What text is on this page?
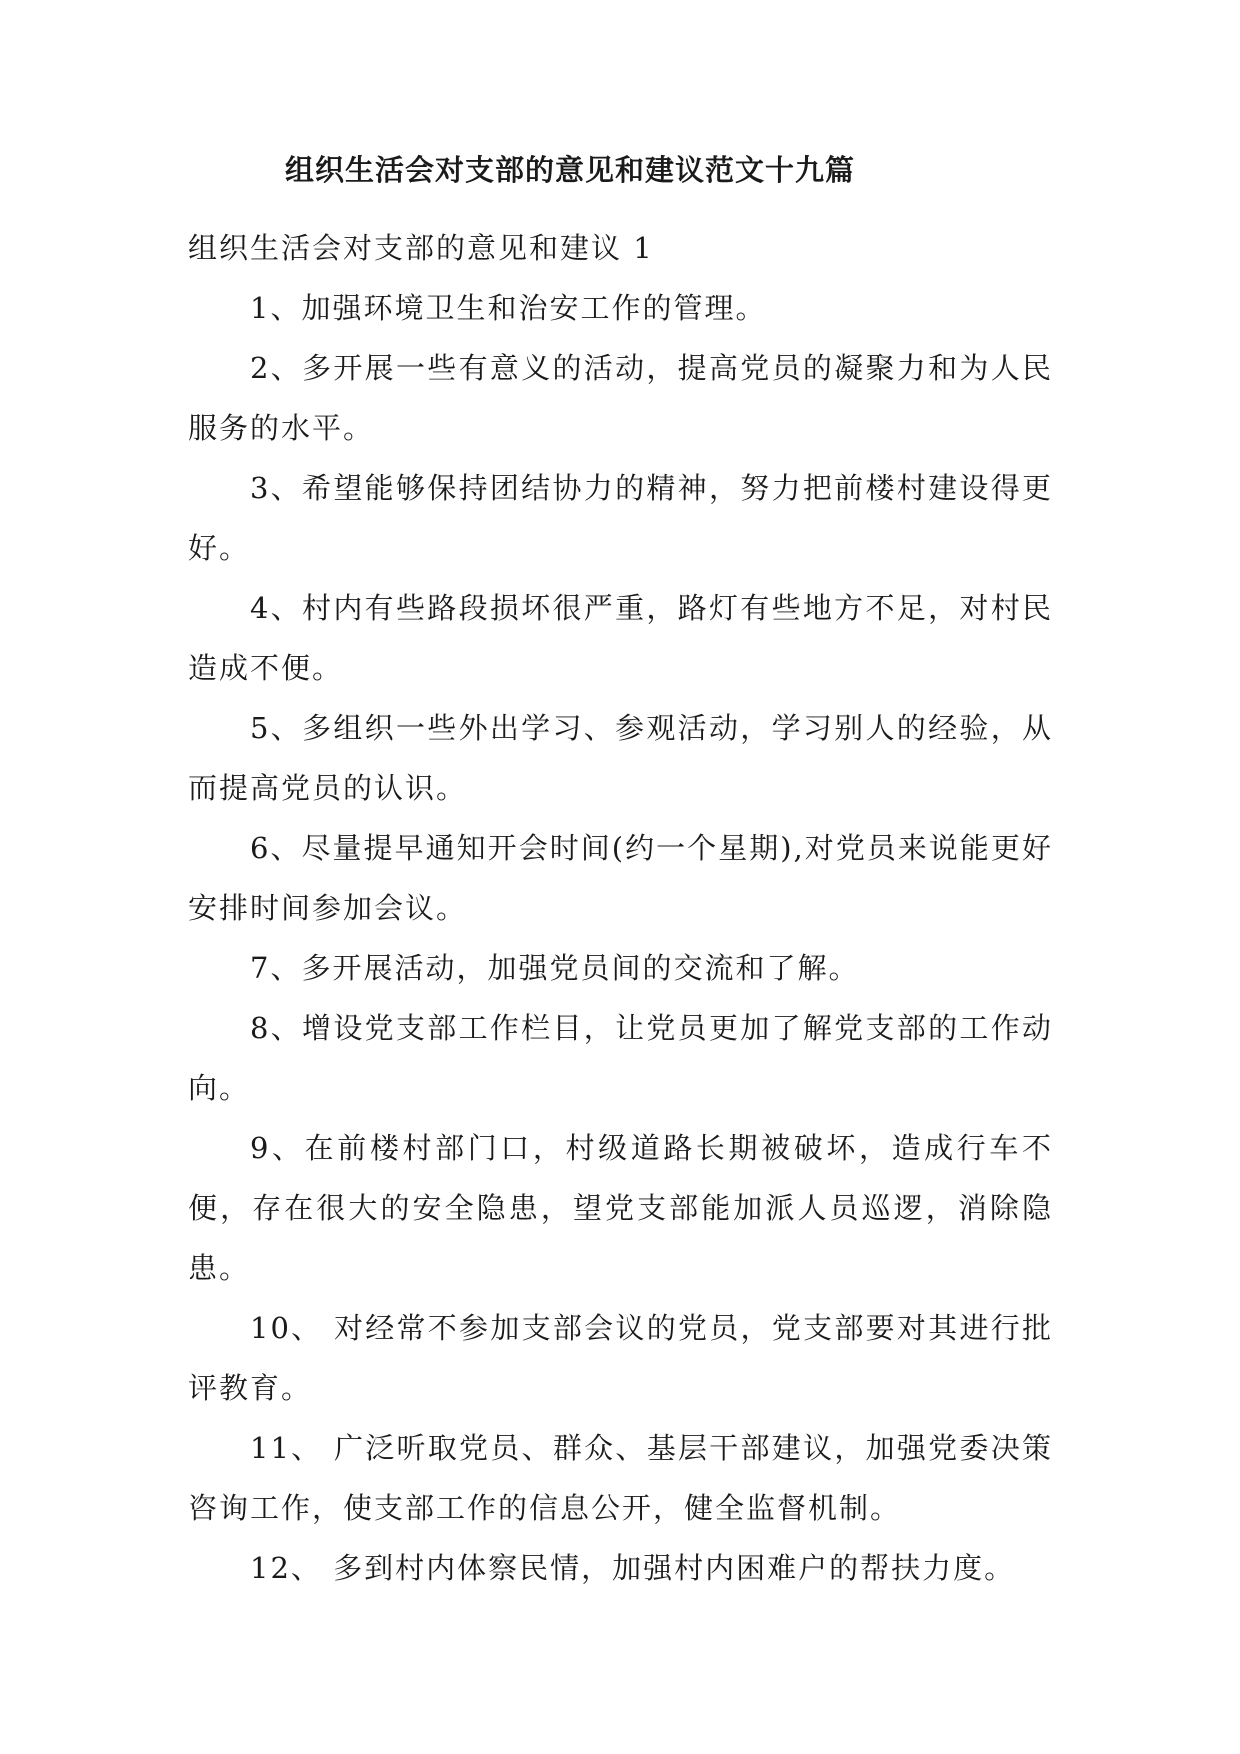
组织生活会对支部的意见和建议范文十九篇

组织生活会对支部的意见和建议 1

1、加强环境卫生和治安工作的管理。

2、多开展一些有意义的活动，提高党员的凝聚力和为人民服务的水平。

3、希望能够保持团结协力的精神，努力把前楼村建设得更好。

4、村内有些路段损坏很严重，路灯有些地方不足，对村民造成不便。

5、多组织一些外出学习、参观活动，学习别人的经验，从而提高党员的认识。

6、尽量提早通知开会时间(约一个星期),对党员来说能更好安排时间参加会议。

7、多开展活动，加强党员间的交流和了解。

8、增设党支部工作栏目，让党员更加了解党支部的工作动向。

9、在前楼村部门口，村级道路长期被破坏，造成行车不便，存在很大的安全隐患，望党支部能加派人员巡逻，消除隐患。

10、 对经常不参加支部会议的党员，党支部要对其进行批评教育。

11、 广泛听取党员、群众、基层干部建议，加强党委决策咨询工作，使支部工作的信息公开，健全监督机制。

12、 多到村内体察民情，加强村内困难户的帮扶力度。
